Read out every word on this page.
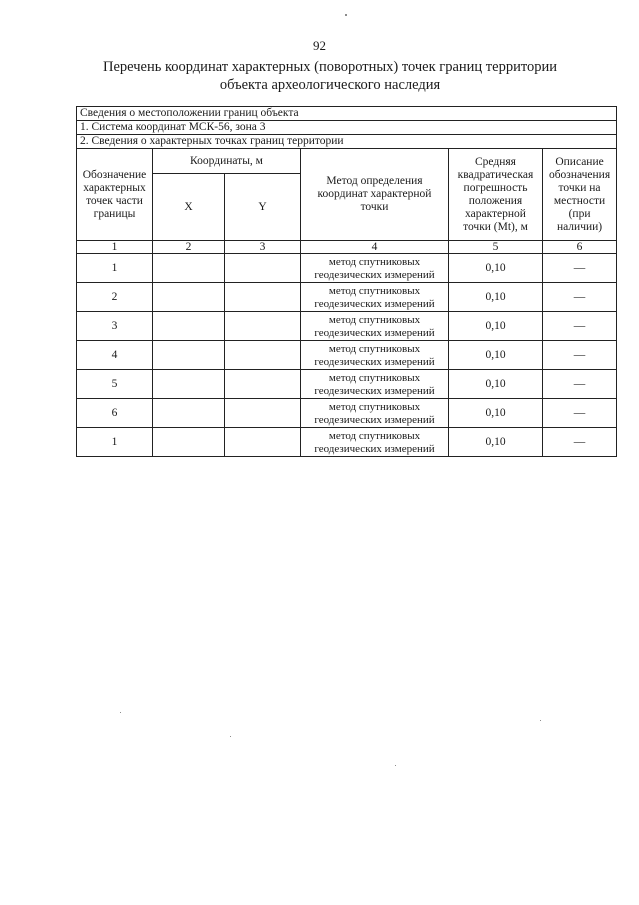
92
Перечень координат характерных (поворотных) точек границ территории
объекта археологического наследия
Сведения о местоположении границ объекта					
1. Система координат МСК-56, зона 3					
2. Сведения о характерных точках границ территории					
Обозначение характерных точек части границы	Координаты, м		Метод определения координат характерной точки	Средняя квадратическая погрешность положения характерной точки (Mt), м	Описание обозначения точки на местности (при наличии)
	X	Y			
1	2	3	4	5	6
1			метод спутниковых геодезических измерений	0,10	—
2			метод спутниковых геодезических измерений	0,10	—
3			метод спутниковых геодезических измерений	0,10	—
4			метод спутниковых геодезических измерений	0,10	—
5			метод спутниковых геодезических измерений	0,10	—
6			метод спутниковых геодезических измерений	0,10	—
1			метод спутниковых геодезических измерений	0,10	—
